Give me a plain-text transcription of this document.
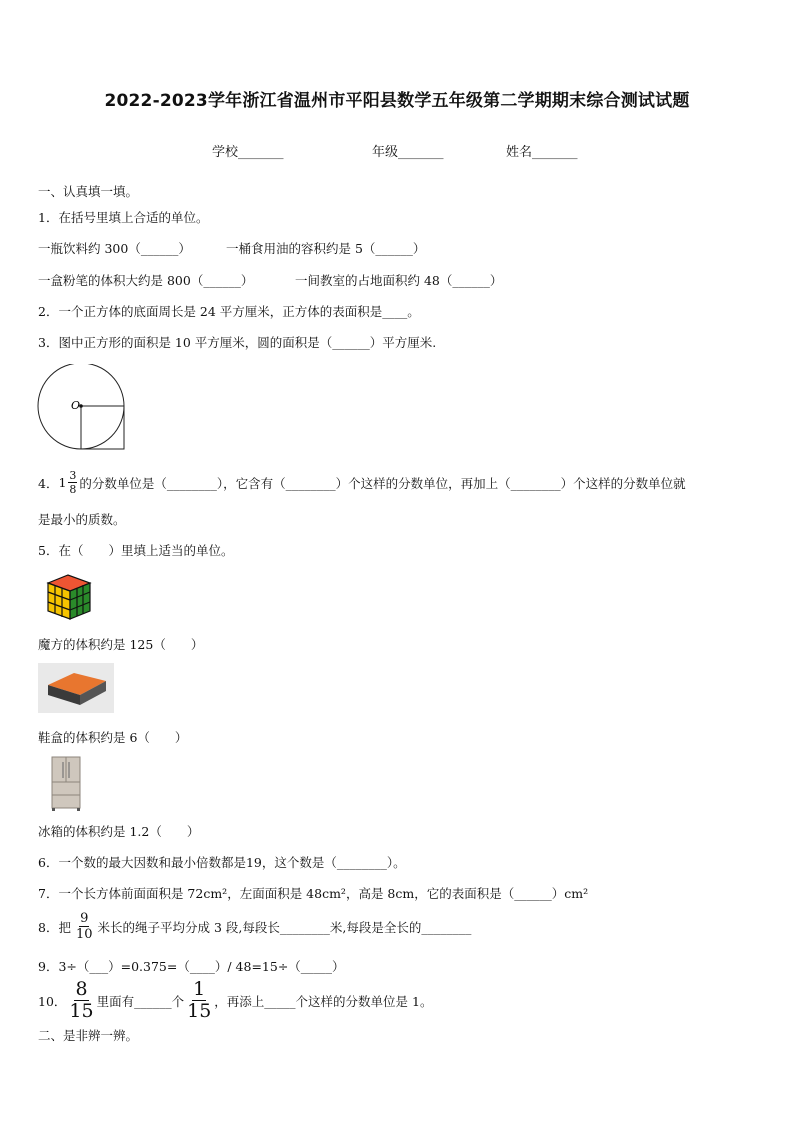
2022-2023学年浙江省温州市平阳县数学五年级第二学期期末综合测试试题
学校_______	年级_______	姓名_______
一、认真填一填。
1．在括号里填上合适的单位。
一瓶饮料约 300（______）	一桶食用油的容积约是 5（______）
一盒粉笔的体积大约是 800（______）	一间教室的占地面积约 48（______）
2．一个正方体的底面周长是 24 平方厘米，正方体的表面积是____。
3．图中正方形的面积是 10 平方厘米，圆的面积是（______）平方厘米.
O
4． $1 \frac{3}{8}$ 的分数单位是（________），它含有（________）个这样的分数单位，再加上（________）个这样的分数单位就
是最小的质数。
5．在（　　）里填上适当的单位。
魔方的体积约是 125（　　）
鞋盒的体积约是 6（　　）
冰箱的体积约是 1.2（　　）
6．一个数的最大因数和最小倍数都是19，这个数是（________）。
7．一个长方体前面面积是 72cm²，左面面积是 48cm²，高是 8cm，它的表面积是（______）cm²
8．把 $\frac{9}{10}$ 米长的绳子平均分成 3 段,每段长________米,每段是全长的________
9．3÷（___）=0.375=（____）/ 48=15÷（_____）
10． $\frac{8}{15}$ 里面有______个 $\frac{1}{15}$ ，再添上_____个这样的分数单位是 1。
二、是非辨一辨。
